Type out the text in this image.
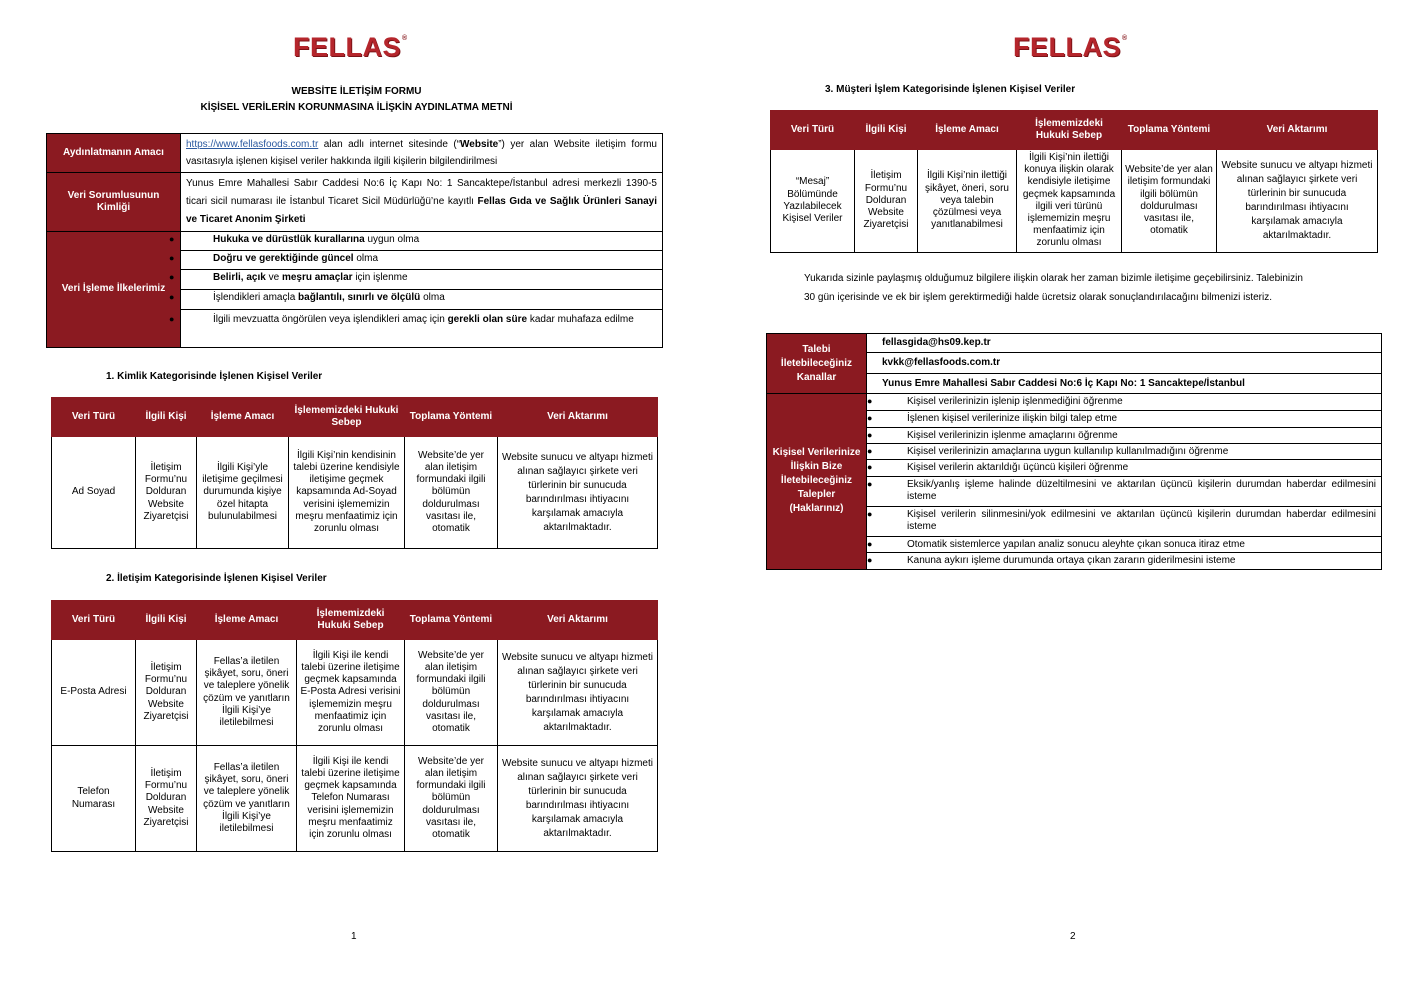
FELLAS®
WEBSİTE İLETİŞİM FORMU
KİŞİSEL VERİLERİN KORUNMASINA İLİŞKİN AYDINLATMA METNİ
Aydınlatmanın Amacı	https://www.fellasfoods.com.tr alan adlı internet sitesinde (“Website”) yer alan Website iletişim formu vasıtasıyla işlenen kişisel veriler hakkında ilgili kişilerin bilgilendirilmesi
Veri Sorumlusunun Kimliği	Yunus Emre Mahallesi Sabır Caddesi No:6 İç Kapı No: 1 Sancaktepe/İstanbul adresi merkezli 1390-5 ticari sicil numarası ile İstanbul Ticaret Sicil Müdürlüğü’ne kayıtlı Fellas Gıda ve Sağlık Ürünleri Sanayi ve Ticaret Anonim Şirketi
Veri İşleme İlkelerimiz	● Hukuka ve dürüstlük kurallarına uygun olma

	● Doğru ve gerektiğinde güncel olma

	● Belirli, açık ve meşru amaçlar için işlenme

	● İşlendikleri amaçla bağlantılı, sınırlı ve ölçülü olma

	● İlgili mevzuatta öngörülen veya işlendikleri amaç için gerekli olan süre kadar muhafaza edilme
1. Kimlik Kategorisinde İşlenen Kişisel Veriler
Veri Türü	İlgili Kişi	İşleme Amacı	İşlememizdeki Hukuki Sebep	Toplama Yöntemi	Veri Aktarımı
Ad Soyad	İletişim Formu’nu Dolduran Website Ziyaretçisi	İlgili Kişi’yle iletişime geçilmesi durumunda kişiye özel hitapta bulunulabilmesi	İlgili Kişi’nin kendisinin talebi üzerine kendisiyle iletişime geçmek kapsamında Ad-Soyad verisini işlememizin meşru menfaatimiz için zorunlu olması	Website’de yer alan iletişim formundaki ilgili bölümün doldurulması vasıtası ile, otomatik	Website sunucu ve altyapı hizmeti alınan sağlayıcı şirkete veri türlerinin bir sunucuda barındırılması ihtiyacını karşılamak amacıyla aktarılmaktadır.
2. İletişim Kategorisinde İşlenen Kişisel Veriler
Veri Türü	İlgili Kişi	İşleme Amacı	İşlememizdeki Hukuki Sebep	Toplama Yöntemi	Veri Aktarımı
E-Posta Adresi	İletişim Formu’nu Dolduran Website Ziyaretçisi	Fellas’a iletilen şikâyet, soru, öneri ve taleplere yönelik çözüm ve yanıtların İlgili Kişi’ye iletilebilmesi	İlgili Kişi ile kendi talebi üzerine iletişime geçmek kapsamında E-Posta Adresi verisini işlememizin meşru menfaatimiz için zorunlu olması	Website’de yer alan iletişim formundaki ilgili bölümün doldurulması vasıtası ile, otomatik	Website sunucu ve altyapı hizmeti alınan sağlayıcı şirkete veri türlerinin bir sunucuda barındırılması ihtiyacını karşılamak amacıyla aktarılmaktadır.
Telefon Numarası	İletişim Formu’nu Dolduran Website Ziyaretçisi	Fellas’a iletilen şikâyet, soru, öneri ve taleplere yönelik çözüm ve yanıtların İlgili Kişi’ye iletilebilmesi	İlgili Kişi ile kendi talebi üzerine iletişime geçmek kapsamında Telefon Numarası verisini işlememizin meşru menfaatimiz için zorunlu olması	Website’de yer alan iletişim formundaki ilgili bölümün doldurulması vasıtası ile, otomatik	Website sunucu ve altyapı hizmeti alınan sağlayıcı şirkete veri türlerinin bir sunucuda barındırılması ihtiyacını karşılamak amacıyla aktarılmaktadır.
1
FELLAS®
3. Müşteri İşlem Kategorisinde İşlenen Kişisel Veriler
Veri Türü	İlgili Kişi	İşleme Amacı	İşlememizdeki Hukuki Sebep	Toplama Yöntemi	Veri Aktarımı
“Mesaj” Bölümünde Yazılabilecek Kişisel Veriler	İletişim Formu’nu Dolduran Website Ziyaretçisi	İlgili Kişi’nin ilettiği şikâyet, öneri, soru veya talebin çözülmesi veya yanıtlanabilmesi	İlgili Kişi’nin ilettiği konuya ilişkin olarak kendisiyle iletişime geçmek kapsamında ilgili veri türünü işlememizin meşru menfaatimiz için zorunlu olması	Website’de yer alan iletişim formundaki ilgili bölümün doldurulması vasıtası ile, otomatik	Website sunucu ve altyapı hizmeti alınan sağlayıcı şirkete veri türlerinin bir sunucuda barındırılması ihtiyacını karşılamak amacıyla aktarılmaktadır.
Yukarıda sizinle paylaşmış olduğumuz bilgilere ilişkin olarak her zaman bizimle iletişime geçebilirsiniz. Talebinizin
30 gün içerisinde ve ek bir işlem gerektirmediği halde ücretsiz olarak sonuçlandırılacağını bilmenizi isteriz.
Talebi İletebileceğiniz Kanallar	fellasgida@hs09.kep.tr
	kvkk@fellasfoods.com.tr
	Yunus Emre Mahallesi Sabır Caddesi No:6 İç Kapı No: 1 Sancaktepe/İstanbul
Kişisel Verilerinize İlişkin Bize İletebileceğiniz Talepler (Haklarınız)	● Kişisel verilerinizin işlenip işlenmediğini öğrenme

	● İşlenen kişisel verilerinize ilişkin bilgi talep etme

	● Kişisel verilerinizin işlenme amaçlarını öğrenme

	● Kişisel verilerinizin amaçlarına uygun kullanılıp kullanılmadığını öğrenme

	● Kişisel verilerin aktarıldığı üçüncü kişileri öğrenme

	● Eksik/yanlış işleme halinde düzeltilmesini ve aktarılan üçüncü kişilerin durumdan haberdar edilmesini isteme

	● Kişisel verilerin silinmesini/yok edilmesini ve aktarılan üçüncü kişilerin durumdan haberdar edilmesini isteme

	● Otomatik sistemlerce yapılan analiz sonucu aleyhte çıkan sonuca itiraz etme

	● Kanuna aykırı işleme durumunda ortaya çıkan zararın giderilmesini isteme
2
